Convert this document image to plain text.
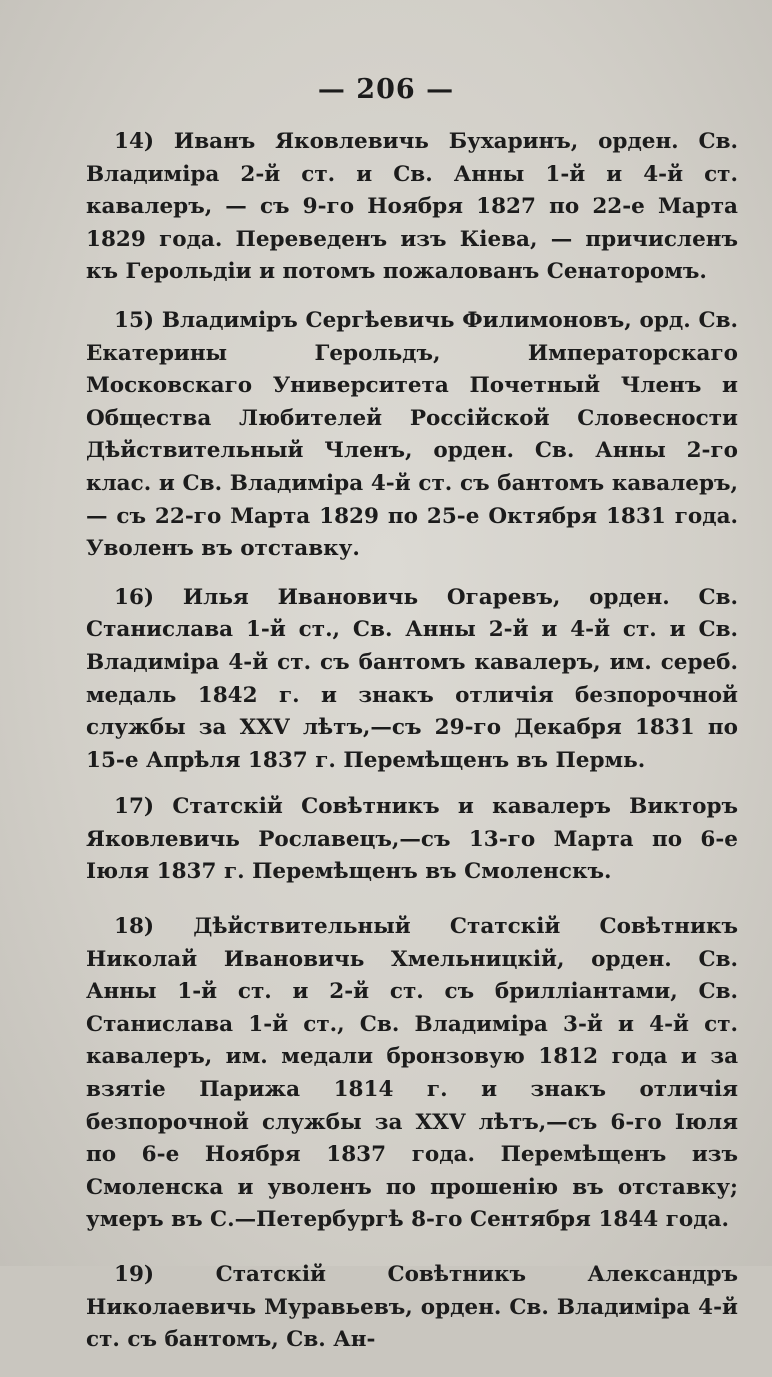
— 206 —

14) Иванъ Яковлевичь Бухаринъ, орден. Св. Владиміра 2-й ст. и Св. Анны 1-й и 4-й ст. кавалеръ, — съ 9-го Ноября 1827 по 22-е Марта 1829 года. Переведенъ изъ Кіева, — причисленъ къ Герольдіи и потомъ пожалованъ Сенаторомъ.

15) Владиміръ Сергѣевичь Филимоновъ, орд. Св. Екатерины Герольдъ, Императорскаго Московскаго Университета Почетный Членъ и Общества Любителей Россійской Словесности Дѣйствительный Членъ, орден. Св. Анны 2-го клас. и Св. Владиміра 4-й ст. съ бантомъ кавалеръ,— съ 22-го Марта 1829 по 25-е Октября 1831 года. Уволенъ въ отставку.

16) Илья Ивановичь Огаревъ, орден. Св. Станислава 1-й ст., Св. Анны 2-й и 4-й ст. и Св. Владиміра 4-й ст. съ бантомъ кавалеръ, им. сереб. медаль 1842 г. и знакъ отличія безпорочной службы за XXV лѣтъ,—съ 29-го Декабря 1831 по 15-е Апрѣля 1837 г. Перемѣщенъ въ Пермь.

17) Статскій Совѣтникъ и кавалеръ Викторъ Яковлевичь Рославецъ,—съ 13-го Марта по 6-е Іюля 1837 г. Перемѣщенъ въ Смоленскъ.

18) Дѣйствительный Статскій Совѣтникъ Николай Ивановичь Хмельницкій, орден. Св. Анны 1-й ст. и 2-й ст. съ бриллiантами, Св. Станислава 1-й ст., Св. Владиміра 3-й и 4-й ст. кавалеръ, им. медали бронзовую 1812 года и за взятіе Парижа 1814 г. и знакъ отличія безпорочной службы за XXV лѣтъ,—съ 6-го Іюля по 6-е Ноября 1837 года. Перемѣщенъ изъ Смоленска и уволенъ по прошенію въ отставку; умеръ въ С.—Петербургѣ 8-го Сентября 1844 года.

19) Статскій Совѣтникъ Александръ Николаевичь Муравьевъ, орден. Св. Владиміра 4-й ст. съ бантомъ, Св. Ан-
